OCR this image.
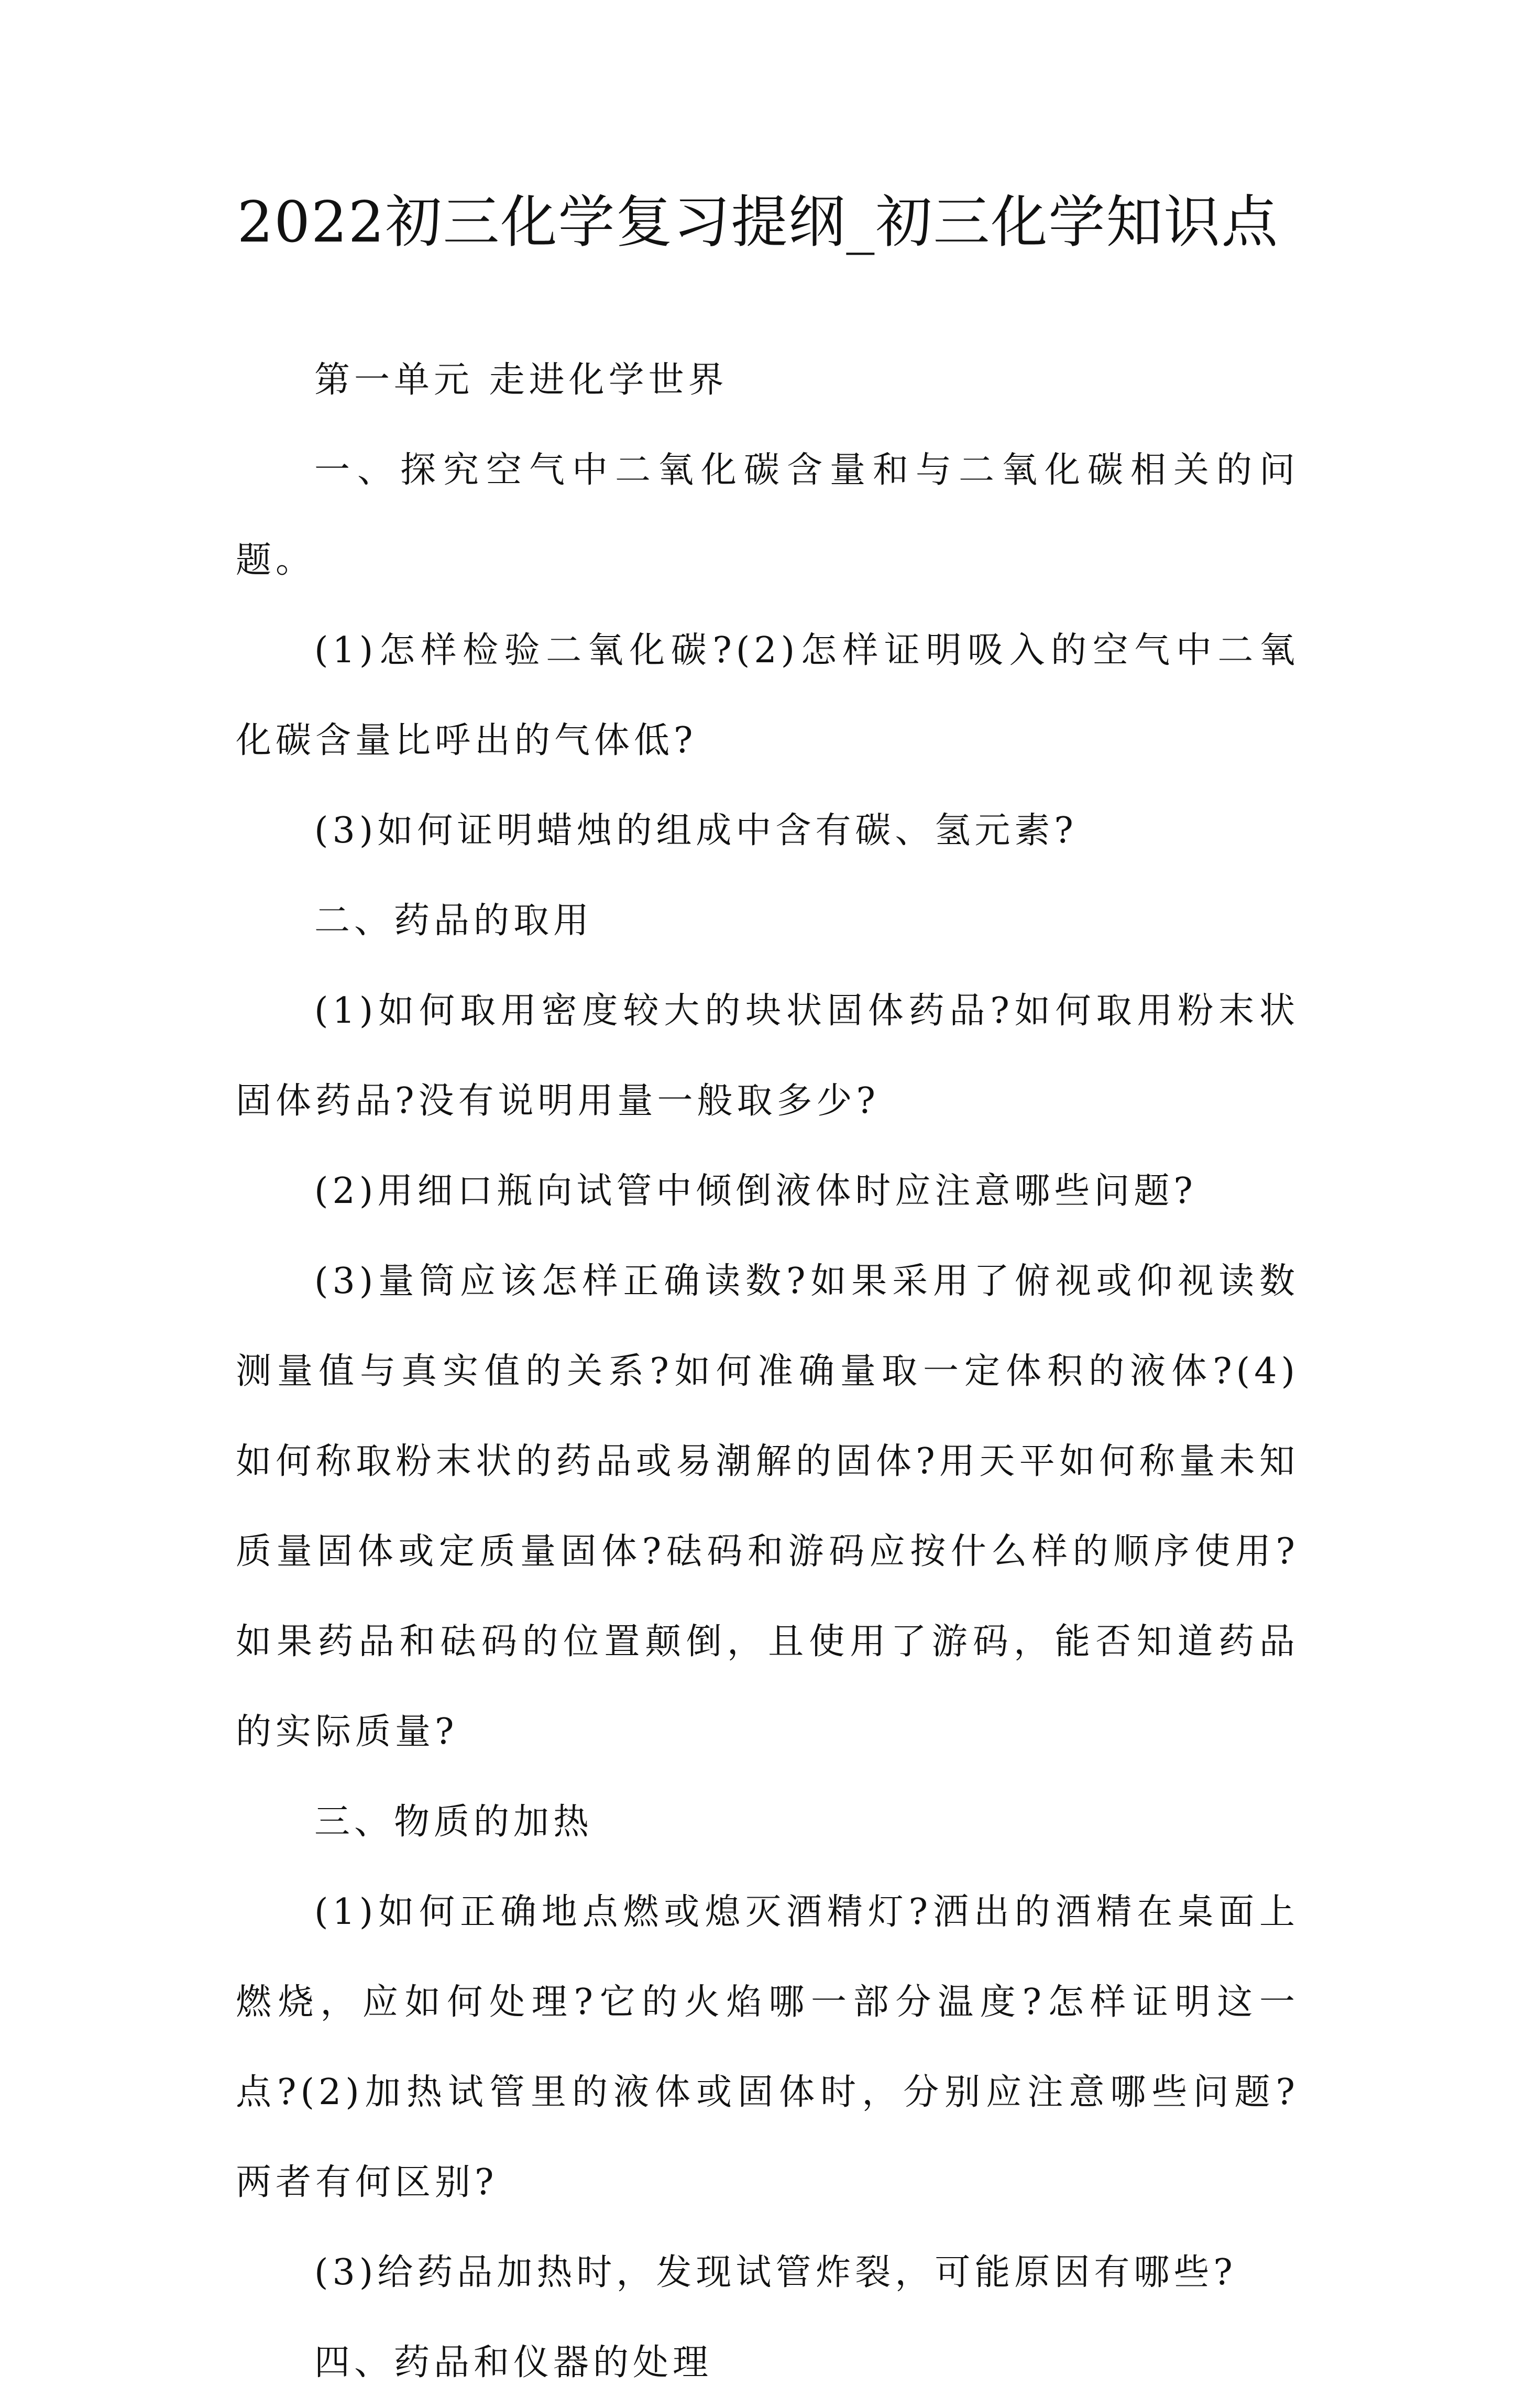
2022初三化学复习提纲_初三化学知识点

第一单元 走进化学世界

一、探究空气中二氧化碳含量和与二氧化碳相关的问题。

(1)怎样检验二氧化碳?(2)怎样证明吸入的空气中二氧化碳含量比呼出的气体低?

(3)如何证明蜡烛的组成中含有碳、氢元素?

二、药品的取用

(1)如何取用密度较大的块状固体药品?如何取用粉末状固体药品?没有说明用量一般取多少?

(2)用细口瓶向试管中倾倒液体时应注意哪些问题?

(3)量筒应该怎样正确读数?如果采用了俯视或仰视读数测量值与真实值的关系?如何准确量取一定体积的液体?(4)如何称取粉末状的药品或易潮解的固体?用天平如何称量未知质量固体或定质量固体?砝码和游码应按什么样的顺序使用?如果药品和砝码的位置颠倒，且使用了游码，能否知道药品的实际质量?

三、物质的加热

(1)如何正确地点燃或熄灭酒精灯?洒出的酒精在桌面上燃烧，应如何处理?它的火焰哪一部分温度?怎样证明这一点?(2)加热试管里的液体或固体时，分别应注意哪些问题?两者有何区别?

(3)给药品加热时，发现试管炸裂，可能原因有哪些?

四、药品和仪器的处理
